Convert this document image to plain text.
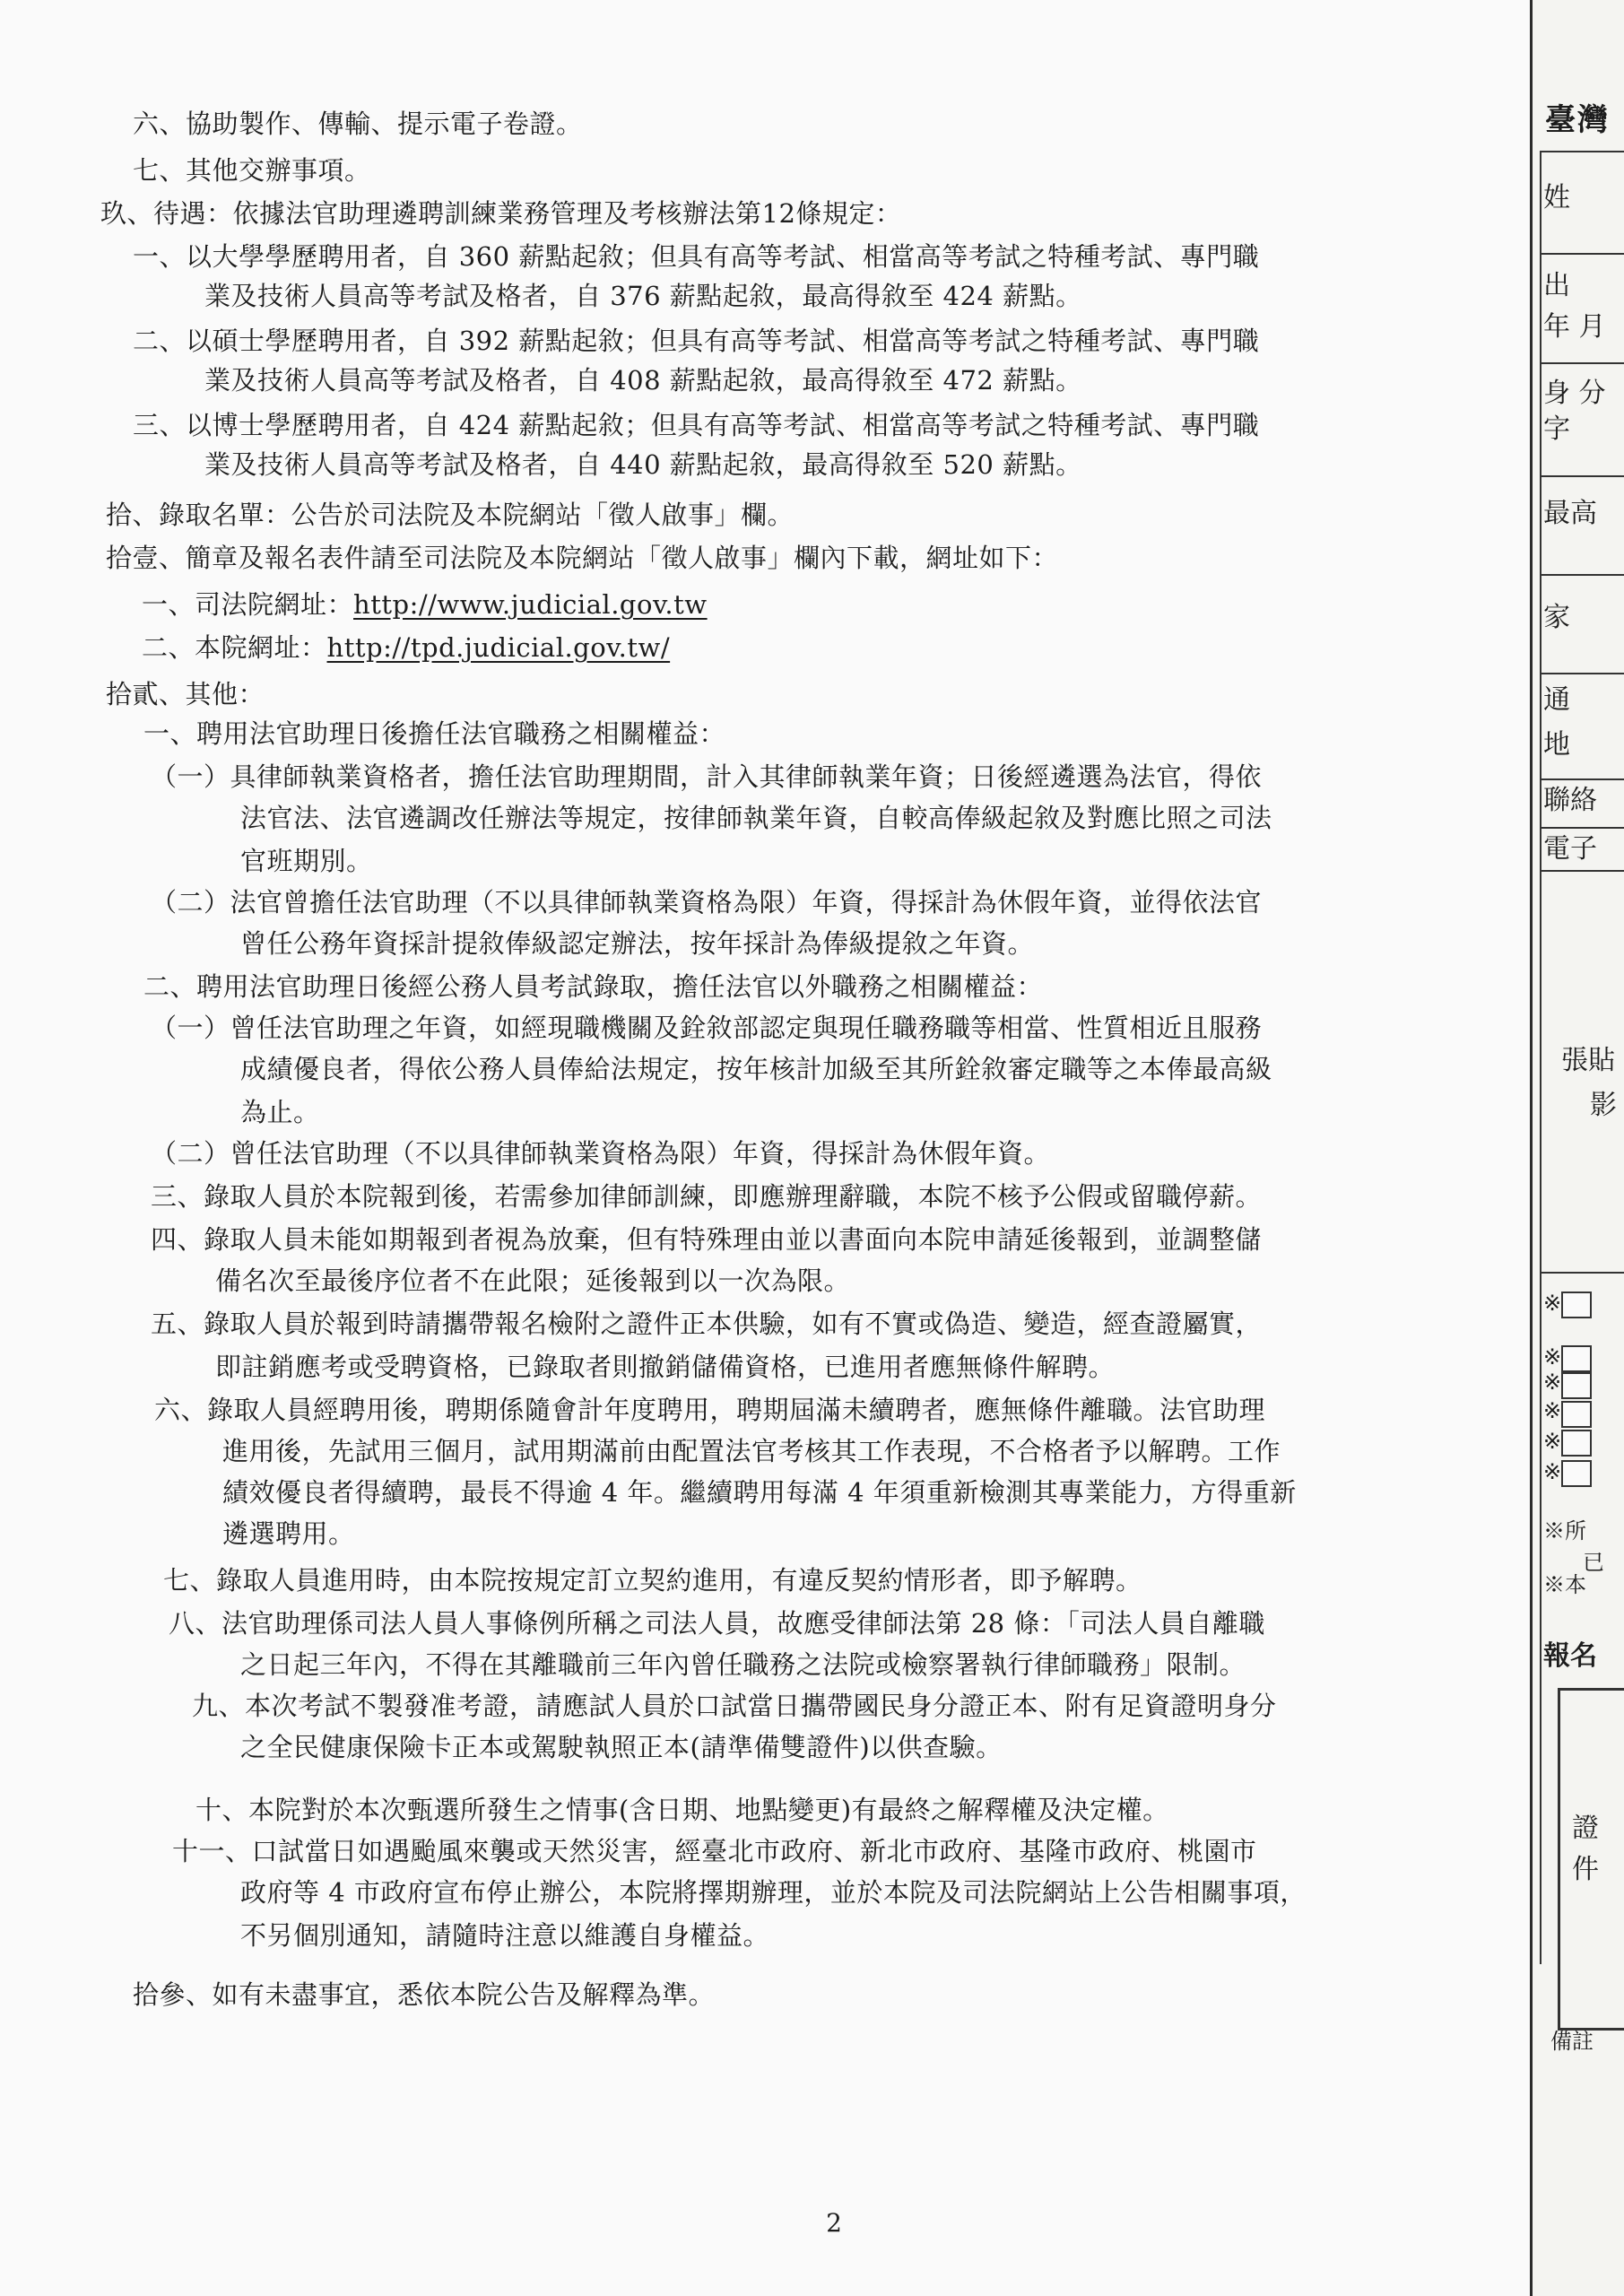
六、協助製作、傳輸、提示電子卷證。
七、其他交辦事項。
玖、待遇：依據法官助理遴聘訓練業務管理及考核辦法第12條規定：
一、以大學學歷聘用者，自 360 薪點起敘；但具有高等考試、相當高等考試之特種考試、專門職
業及技術人員高等考試及格者，自 376 薪點起敘，最高得敘至 424 薪點。
二、以碩士學歷聘用者，自 392 薪點起敘；但具有高等考試、相當高等考試之特種考試、專門職
業及技術人員高等考試及格者，自 408 薪點起敘，最高得敘至 472 薪點。
三、以博士學歷聘用者，自 424 薪點起敘；但具有高等考試、相當高等考試之特種考試、專門職
業及技術人員高等考試及格者，自 440 薪點起敘，最高得敘至 520 薪點。
拾、錄取名單：公告於司法院及本院網站「徵人啟事」欄。
拾壹、簡章及報名表件請至司法院及本院網站「徵人啟事」欄內下載，網址如下：
一、司法院網址：http://www.judicial.gov.tw
二、本院網址：http://tpd.judicial.gov.tw/
拾貳、其他：
一、聘用法官助理日後擔任法官職務之相關權益：
（一）具律師執業資格者，擔任法官助理期間，計入其律師執業年資；日後經遴選為法官，得依
法官法、法官遴調改任辦法等規定，按律師執業年資，自較高俸級起敘及對應比照之司法
官班期別。
（二）法官曾擔任法官助理（不以具律師執業資格為限）年資，得採計為休假年資，並得依法官
曾任公務年資採計提敘俸級認定辦法，按年採計為俸級提敘之年資。
二、聘用法官助理日後經公務人員考試錄取，擔任法官以外職務之相關權益：
（一）曾任法官助理之年資，如經現職機關及銓敘部認定與現任職務職等相當、性質相近且服務
成績優良者，得依公務人員俸給法規定，按年核計加級至其所銓敘審定職等之本俸最高級
為止。
（二）曾任法官助理（不以具律師執業資格為限）年資，得採計為休假年資。
三、錄取人員於本院報到後，若需參加律師訓練，即應辦理辭職，本院不核予公假或留職停薪。
四、錄取人員未能如期報到者視為放棄，但有特殊理由並以書面向本院申請延後報到，並調整儲
備名次至最後序位者不在此限；延後報到以一次為限。
五、錄取人員於報到時請攜帶報名檢附之證件正本供驗，如有不實或偽造、變造，經查證屬實，
即註銷應考或受聘資格，已錄取者則撤銷儲備資格，已進用者應無條件解聘。
六、錄取人員經聘用後，聘期係隨會計年度聘用，聘期屆滿未續聘者，應無條件離職。法官助理
進用後，先試用三個月，試用期滿前由配置法官考核其工作表現，不合格者予以解聘。工作
績效優良者得續聘，最長不得逾 4 年。繼續聘用每滿 4 年須重新檢測其專業能力，方得重新
遴選聘用。
七、錄取人員進用時，由本院按規定訂立契約進用，有違反契約情形者，即予解聘。
八、法官助理係司法人員人事條例所稱之司法人員，故應受律師法第 28 條：「司法人員自離職
之日起三年內，不得在其離職前三年內曾任職務之法院或檢察署執行律師職務」限制。
九、本次考試不製發准考證，請應試人員於口試當日攜帶國民身分證正本、附有足資證明身分
之全民健康保險卡正本或駕駛執照正本(請準備雙證件)以供查驗。
十、本院對於本次甄選所發生之情事(含日期、地點變更)有最終之解釋權及決定權。
十一、口試當日如遇颱風來襲或天然災害，經臺北市政府、新北市政府、基隆市政府、桃園市
政府等 4 市政府宣布停止辦公，本院將擇期辦理，並於本院及司法院網站上公告相關事項，
不另個別通知，請隨時注意以維護自身權益。
拾參、如有未盡事宜，悉依本院公告及解釋為準。
2
臺灣
姓
出
年 月
身 分
字
最高
家
通
地
聯絡
電子
張貼
影
※
※
※
※
※
※
※所
已
※本
報名
證
件
備註
